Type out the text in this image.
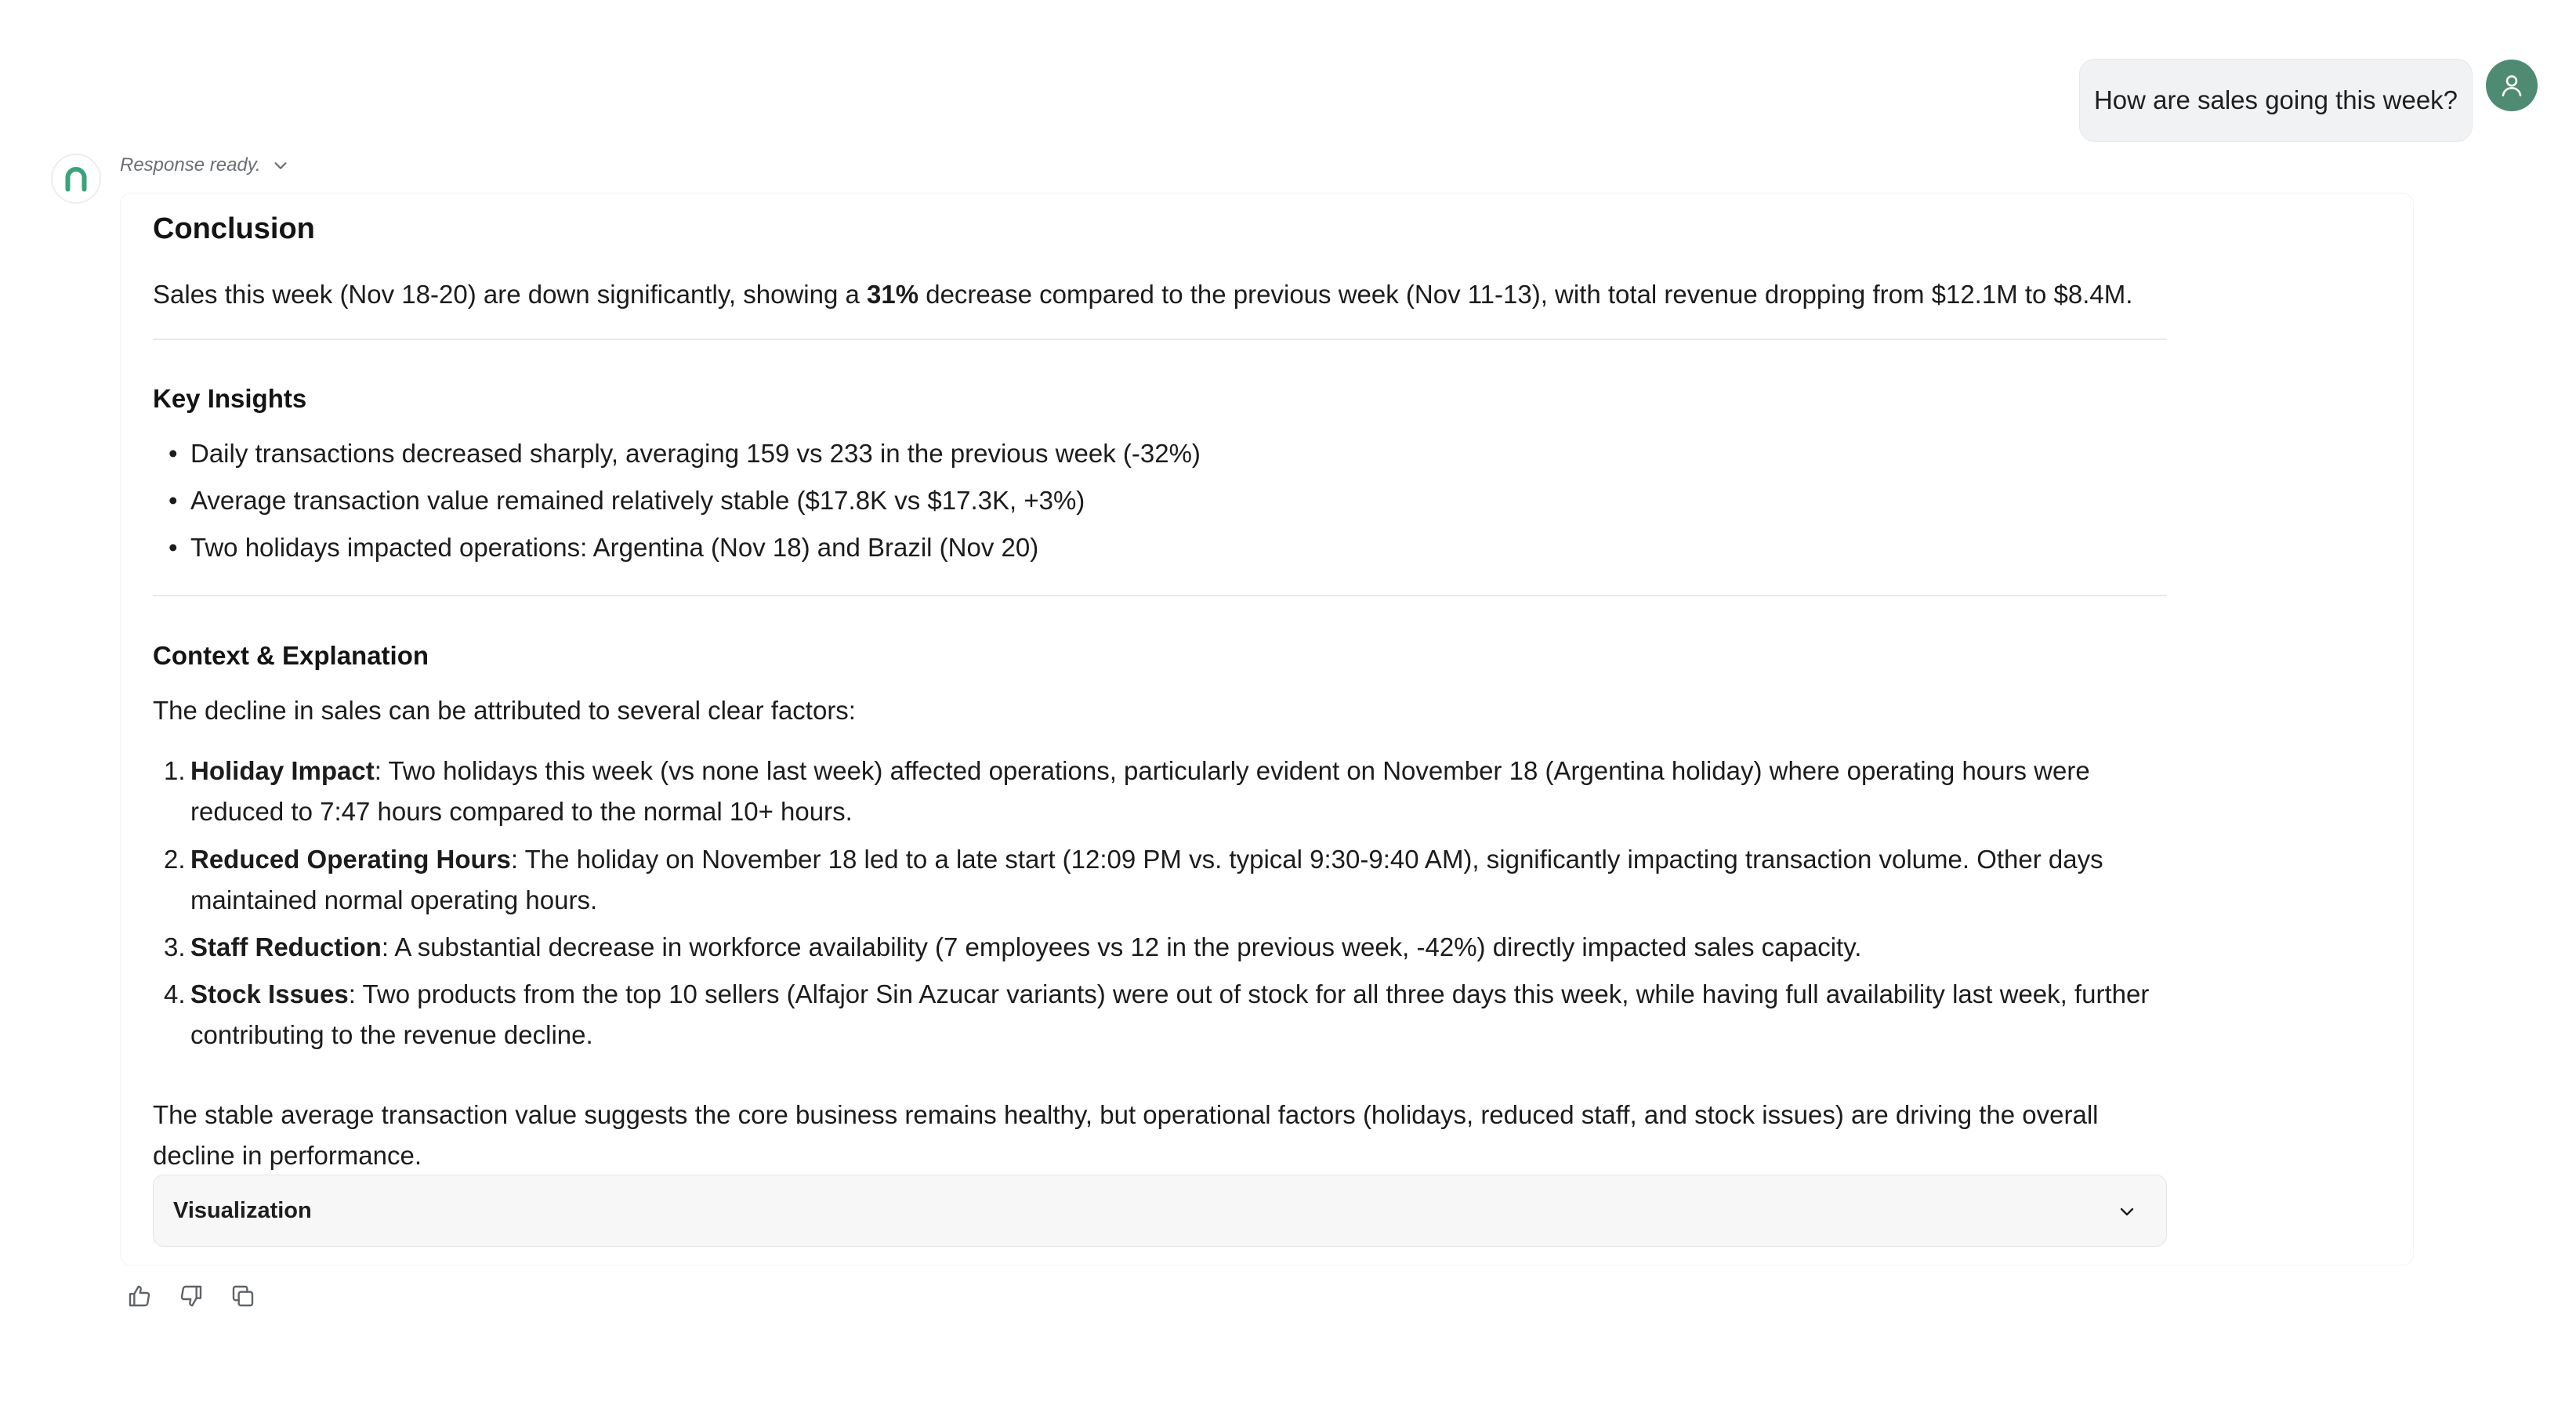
How are sales going this week?
Response ready.
Conclusion

Sales this week (Nov 18-20) are down significantly, showing a 31% decrease compared to the previous week (Nov 11-13), with total revenue dropping from $12.1M to $8.4M.

Key Insights
• Daily transactions decreased sharply, averaging 159 vs 233 in the previous week (-32%)
• Average transaction value remained relatively stable ($17.8K vs $17.3K, +3%)
• Two holidays impacted operations: Argentina (Nov 18) and Brazil (Nov 20)
Context & Explanation

The decline in sales can be attributed to several clear factors:

1. Holiday Impact: Two holidays this week (vs none last week) affected operations, particularly evident on November 18 (Argentina holiday) where operating hours were
reduced to 7:47 hours compared to the normal 10+ hours.
2. Reduced Operating Hours: The holiday on November 18 led to a late start (12:09 PM vs. typical 9:30-9:40 AM), significantly impacting transaction volume. Other days
maintained normal operating hours.
3. Staff Reduction: A substantial decrease in workforce availability (7 employees vs 12 in the previous week, -42%) directly impacted sales capacity.
4. Stock Issues: Two products from the top 10 sellers (Alfajor Sin Azucar variants) were out of stock for all three days this week, while having full availability last week, further
contributing to the revenue decline.

The stable average transaction value suggests the core business remains healthy, but operational factors (holidays, reduced staff, and stock issues) are driving the overall
decline in performance.

Visualization
